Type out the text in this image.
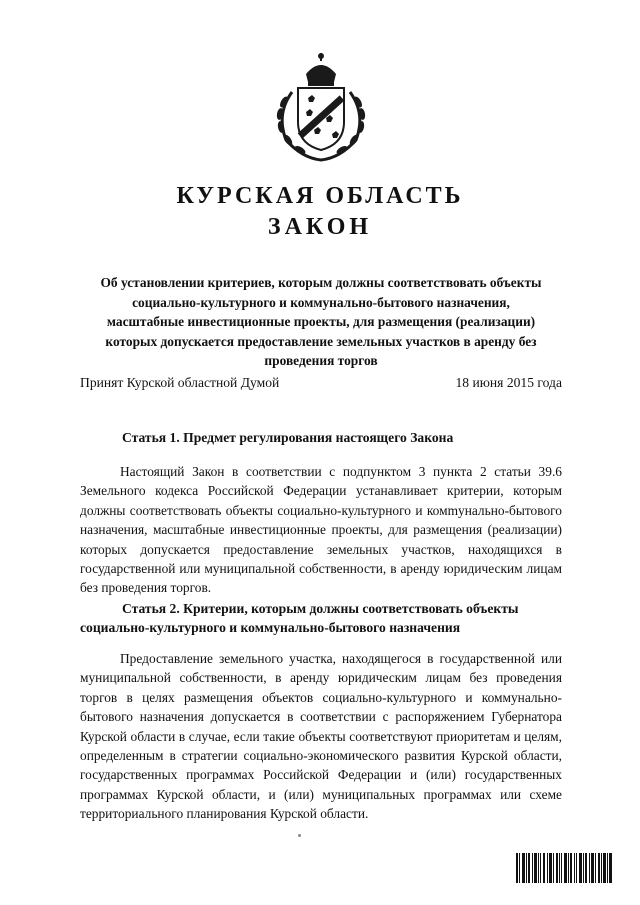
КУРСКАЯ ОБЛАСТЬ
ЗАКОН

Об установлении критериев, которым должны соответствовать объекты социально-культурного и коммунально-бытового назначения, масштабные инвестиционные проекты, для размещения (реализации) которых допускается предоставление земельных участков в аренду без проведения торгов

Принят Курской областной Думой	18 июня 2015 года

Статья 1. Предмет регулирования настоящего Закона

Настоящий Закон в соответствии с подпунктом 3 пункта 2 статьи 39.6 Земельного кодекса Российской Федерации устанавливает критерии, которым должны соответствовать объекты социально-культурного и комmунально-бытового назначения, масштабные инвестиционные проекты, для размещения (реализации) которых допускается предоставление земельных участков, находящихся в государственной или муниципальной собственности, в аренду юридическим лицам без проведения торгов.

Статья 2. Критерии, которым должны соответствовать объекты социально-культурного и коммунально-бытового назначения

Предоставление земельного участка, находящегося в государственной или муниципальной собственности, в аренду юридическим лицам без проведения торгов в целях размещения объектов социально-культурного и коммунально-бытового назначения допускается в соответствии с распоряжением Губернатора Курской области в случае, если такие объекты соответствуют приоритетам и целям, определенным в стратегии социально-экономического развития Курской области, государственных программах Российской Федерации и (или) государственных программах Курской области, и (или) муниципальных программах или схеме территориального планирования Курской области.
